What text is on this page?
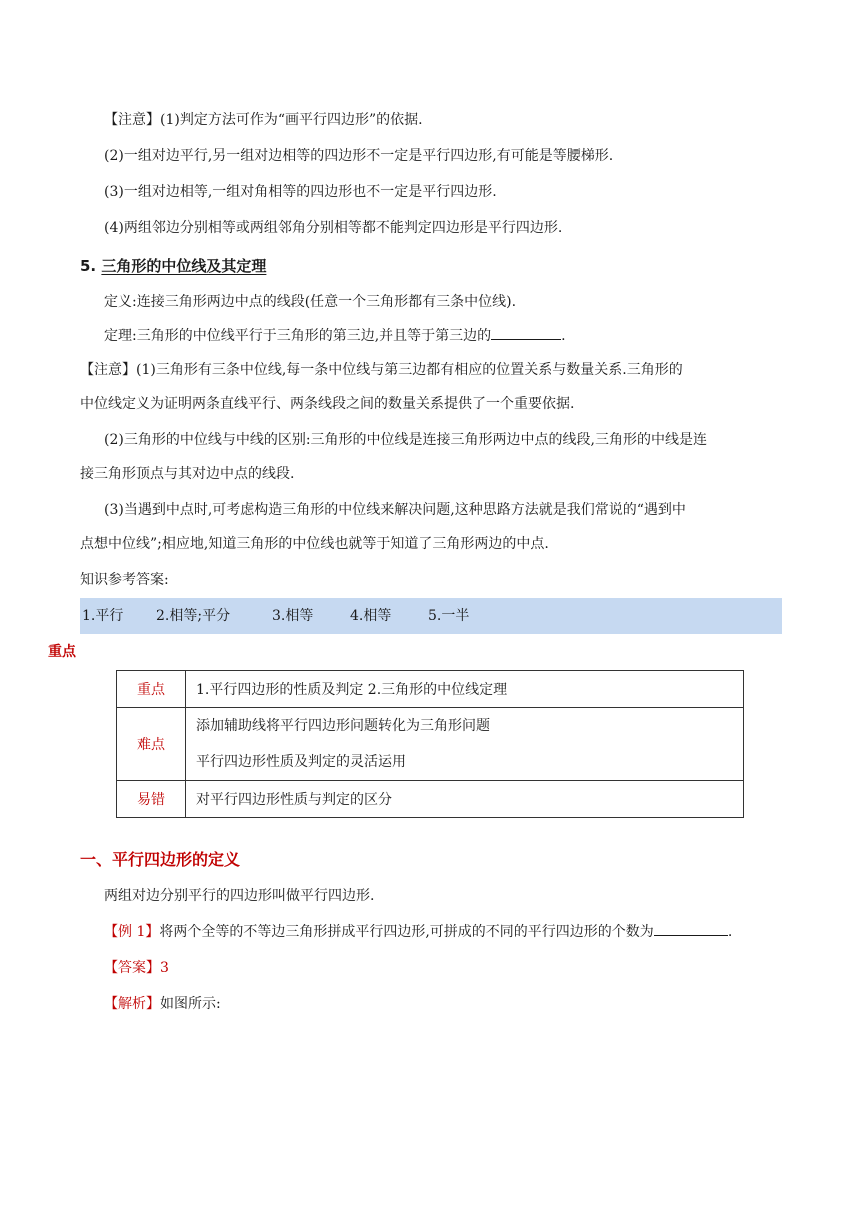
【注意】(1)判定方法可作为“画平行四边形”的依据.
(2)一组对边平行,另一组对边相等的四边形不一定是平行四边形,有可能是等腰梯形.
(3)一组对边相等,一组对角相等的四边形也不一定是平行四边形.
(4)两组邻边分别相等或两组邻角分别相等都不能判定四边形是平行四边形.
5. 三角形的中位线及其定理
定义:连接三角形两边中点的线段(任意一个三角形都有三条中位线).
定理:三角形的中位线平行于三角形的第三边,并且等于第三边的	.
【注意】(1)三角形有三条中位线,每一条中位线与第三边都有相应的位置关系与数量关系.三角形的
中位线定义为证明两条直线平行、两条线段之间的数量关系提供了一个重要依据.
(2)三角形的中位线与中线的区别:三角形的中位线是连接三角形两边中点的线段,三角形的中线是连
接三角形顶点与其对边中点的线段.
(3)当遇到中点时,可考虑构造三角形的中位线来解决问题,这种思路方法就是我们常说的“遇到中
点想中位线”;相应地,知道三角形的中位线也就等于知道了三角形两边的中点.
知识参考答案:
1.平行 2.相等;平分	3.相等	4.相等	5.一半
重点
重点	1.平行四边形的性质及判定 2.三角形的中位线定理
难点	添加辅助线将平行四边形问题转化为三角形问题
平行四边形性质及判定的灵活运用

易错	对平行四边形性质与判定的区分
一、平行四边形的定义
两组对边分别平行的四边形叫做平行四边形.
【例 1】将两个全等的不等边三角形拼成平行四边形,可拼成的不同的平行四边形的个数为	.
【答案】3
【解析】如图所示:
